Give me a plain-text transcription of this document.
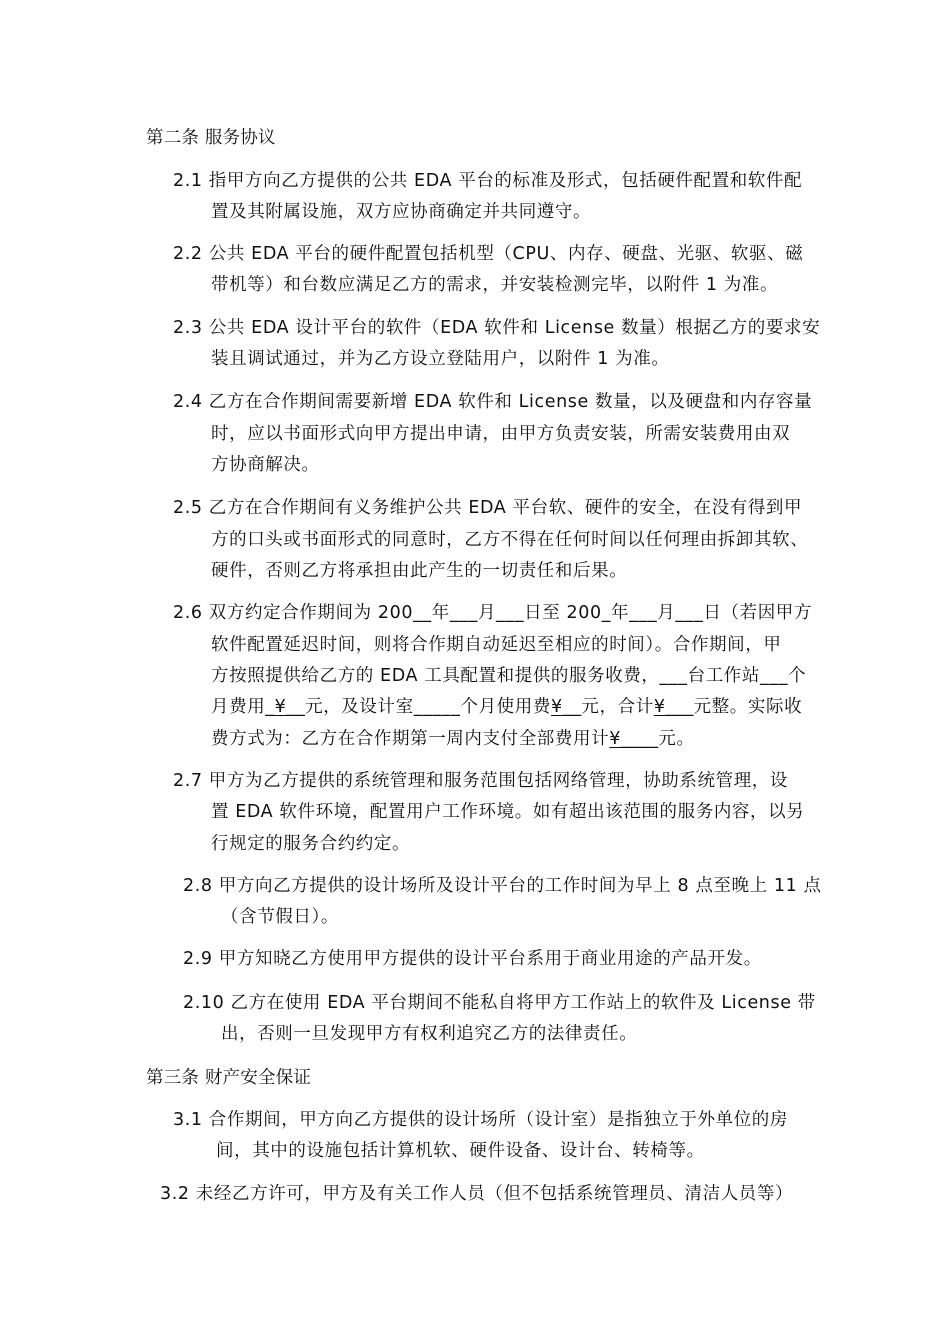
第二条 服务协议
2.1 指甲方向乙方提供的公共 EDA 平台的标准及形式，包括硬件配置和软件配
置及其附属设施，双方应协商确定并共同遵守。
2.2 公共 EDA 平台的硬件配置包括机型（CPU、内存、硬盘、光驱、软驱、磁
带机等）和台数应满足乙方的需求，并安装检测完毕，以附件 1 为准。
2.3 公共 EDA 设计平台的软件（EDA 软件和 License 数量）根据乙方的要求安
装且调试通过，并为乙方设立登陆用户，以附件 1 为准。
2.4 乙方在合作期间需要新增 EDA 软件和 License 数量，以及硬盘和内存容量
时，应以书面形式向甲方提出申请，由甲方负责安装，所需安装费用由双
方协商解决。
2.5 乙方在合作期间有义务维护公共 EDA 平台软、硬件的安全，在没有得到甲
方的口头或书面形式的同意时，乙方不得在任何时间以任何理由拆卸其软、
硬件，否则乙方将承担由此产生的一切责任和后果。
2.6 双方约定合作期间为 200__年___月___日至 200_年___月___日（若因甲方
软件配置延迟时间，则将合作期自动延迟至相应的时间）。合作期间，甲
方按照提供给乙方的 EDA 工具配置和提供的服务收费，___台工作站___个
月费用_¥__元，及设计室_____个月使用费¥__元，合计¥___元整。实际收
费方式为：乙方在合作期第一周内支付全部费用计¥____元。
2.7 甲方为乙方提供的系统管理和服务范围包括网络管理，协助系统管理，设
置 EDA 软件环境，配置用户工作环境。如有超出该范围的服务内容，以另
行规定的服务合约约定。
2.8 甲方向乙方提供的设计场所及设计平台的工作时间为早上 8 点至晚上 11 点
（含节假日）。
2.9 甲方知晓乙方使用甲方提供的设计平台系用于商业用途的产品开发。
2.10 乙方在使用 EDA 平台期间不能私自将甲方工作站上的软件及 License 带
出，否则一旦发现甲方有权利追究乙方的法律责任。
第三条 财产安全保证
3.1 合作期间，甲方向乙方提供的设计场所（设计室）是指独立于外单位的房
间，其中的设施包括计算机软、硬件设备、设计台、转椅等。
3.2 未经乙方许可，甲方及有关工作人员（但不包括系统管理员、清洁人员等）
